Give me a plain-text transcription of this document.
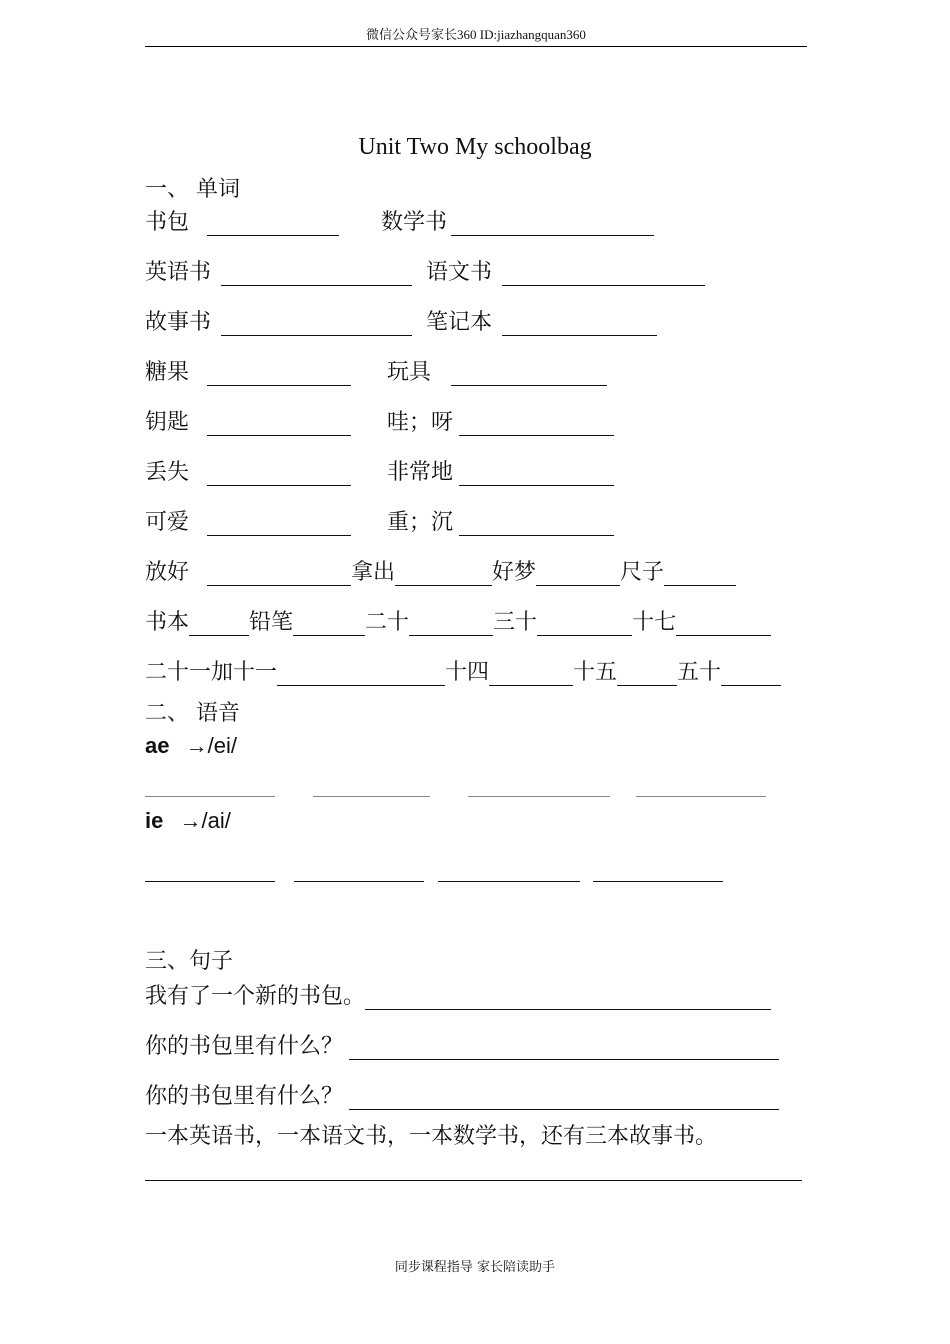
微信公众号家长360 ID:jiazhangquan360
Unit Two My schoolbag
一、 单词
书包	数学书
英语书	语文书
故事书	笔记本
糖果	玩具
钥匙	哇；呀
丢失	非常地
可爱	重；沉
放好	拿出	好梦	尺子
书本	铅笔	二十	三十	十七
二十一加十一	十四	十五	五十
二、 语音
ae →/ei/
ie →/ai/
三、句子
我有了一个新的书包。
你的书包里有什么？
你的书包里有什么？
一本英语书，一本语文书，一本数学书，还有三本故事书。
同步课程指导 家长陪读助手
